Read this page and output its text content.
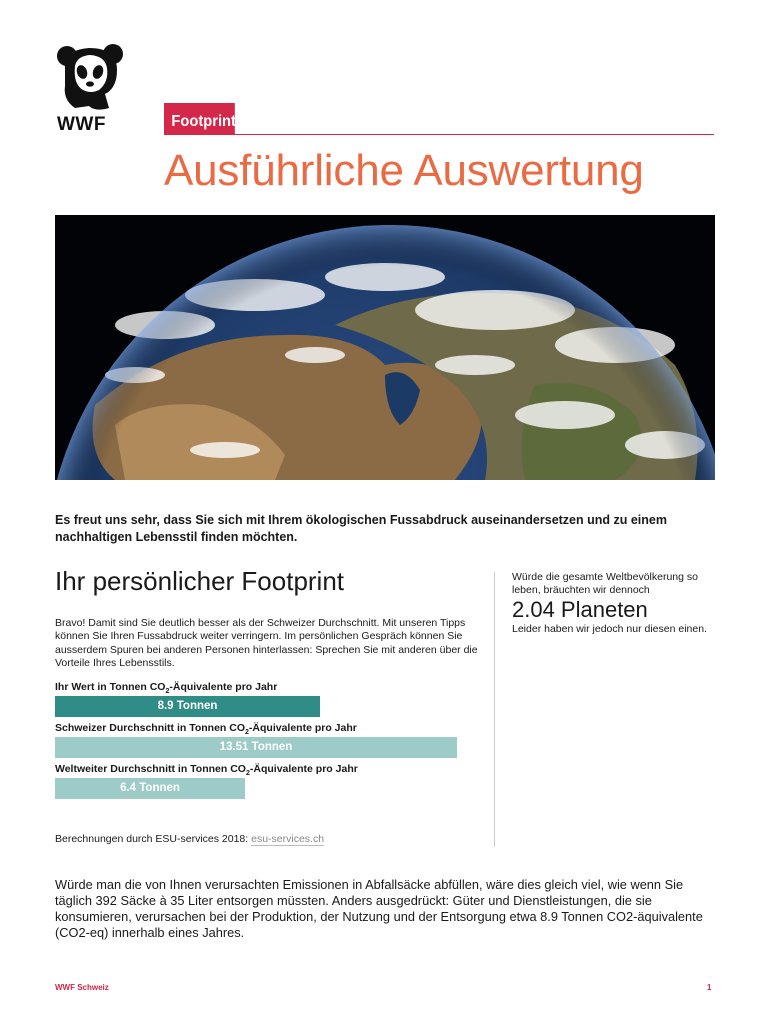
WWF	Footprint
Ausführliche Auswertung
Es freut uns sehr, dass Sie sich mit Ihrem ökologischen Fussabdruck auseinandersetzen und zu einem nachhaltigen Lebensstil finden möchten.
Ihr persönlicher Footprint
Bravo! Damit sind Sie deutlich besser als der Schweizer Durchschnitt. Mit unseren Tipps können Sie Ihren Fussabdruck weiter verringern. Im persönlichen Gespräch können Sie ausserdem Spuren bei anderen Personen hinterlassen: Sprechen Sie mit anderen über die Vorteile Ihres Lebensstils.
Ihr Wert in Tonnen $CO_2$-Äquivalente pro Jahr
8.9 Tonnen
Schweizer Durchschnitt in Tonnen $CO_2$-Äquivalente pro Jahr
13.51 Tonnen
Weltweiter Durchschnitt in Tonnen $CO_2$-Äquivalente pro Jahr
6.4 Tonnen
Berechnungen durch ESU-services 2018: esu-services.ch
Würde die gesamte Weltbevölkerung so leben, bräuchten wir dennoch
2.04 Planeten
Leider haben wir jedoch nur diesen einen.
Würde man die von Ihnen verursachten Emissionen in Abfallsäcke abfüllen, wäre dies gleich viel, wie wenn Sie täglich 392 Säcke à 35 Liter entsorgen müssten. Anders ausgedrückt: Güter und Dienstleistungen, die sie konsumieren, verursachen bei der Produktion, der Nutzung und der Entsorgung etwa 8.9 Tonnen CO2-äquivalente (CO2-eq) innerhalb eines Jahres.
WWF Schweiz	1
